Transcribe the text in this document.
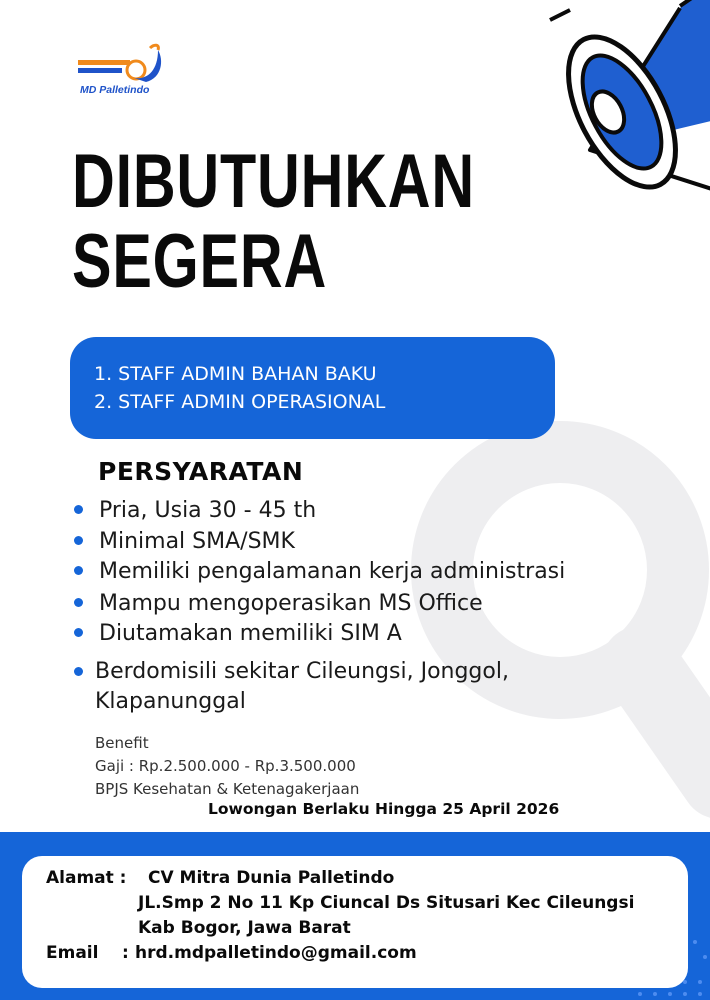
MD Palletindo
DIBUTUHKAN
SEGERA
1. STAFF ADMIN BAHAN BAKU
2. STAFF ADMIN OPERASIONAL
PERSYARATAN
Pria, Usia 30 - 45 th
Minimal SMA/SMK
Memiliki pengalamanan kerja administrasi
Mampu mengoperasikan MS Office
Diutamakan memiliki SIM A
Berdomisili sekitar Cileungsi, Jonggol, Klapanunggal
Benefit
Gaji : Rp.2.500.000 - Rp.3.500.000
BPJS Kesehatan & Ketenagakerjaan
Lowongan Berlaku Hingga 25 April 2026
Alamat : CV Mitra Dunia Palletindo
JL.Smp 2 No 11 Kp Ciuncal Ds Situsari Kec Cileungsi
Kab Bogor, Jawa Barat
Email : hrd.mdpalletindo@gmail.com
